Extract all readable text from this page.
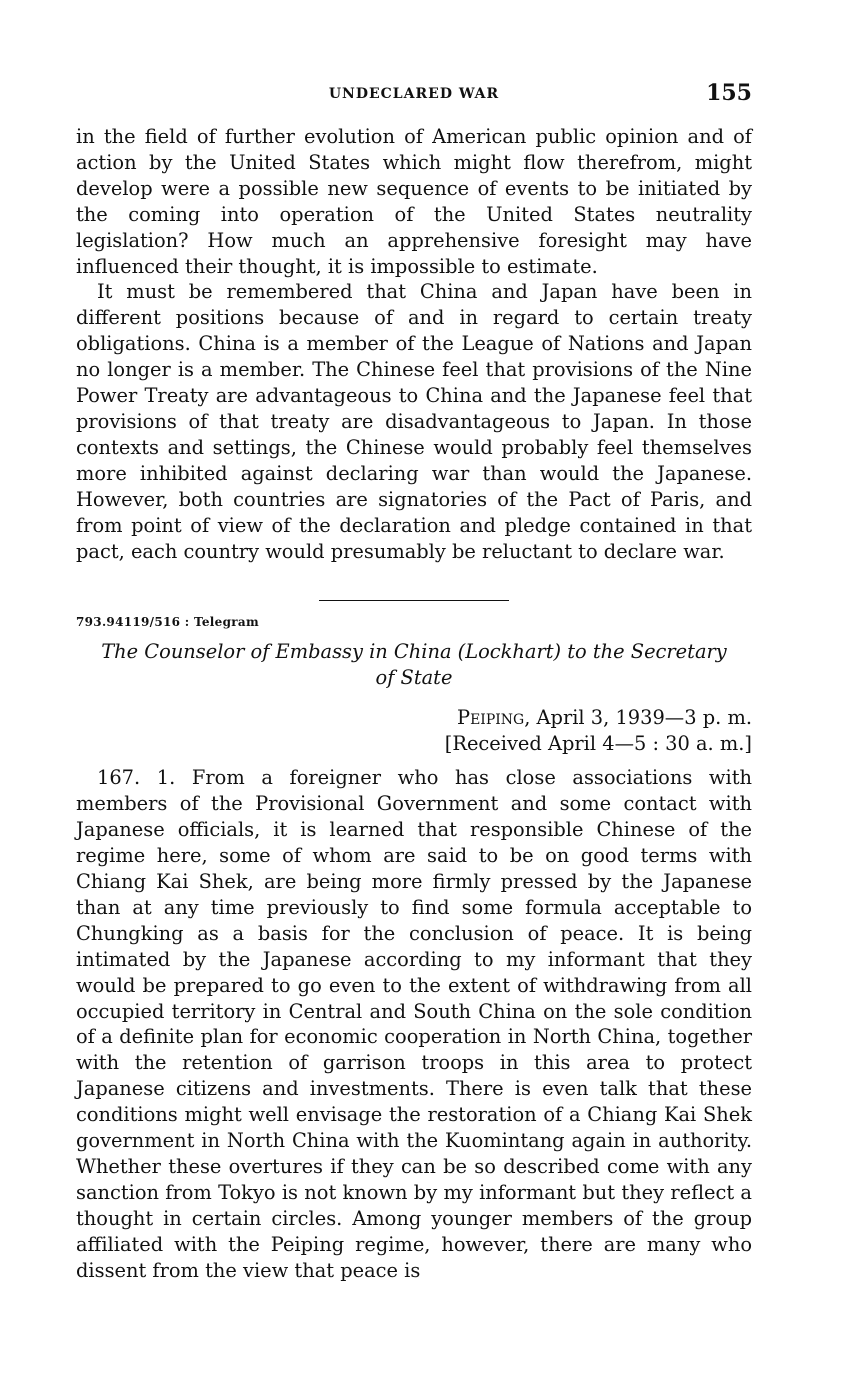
UNDECLARED WAR	155

in the field of further evolution of American public opinion and of action by the United States which might flow therefrom, might develop were a possible new sequence of events to be initiated by the coming into operation of the United States neutrality legislation? How much an apprehensive foresight may have influenced their thought, it is impossible to estimate.

It must be remembered that China and Japan have been in different positions because of and in regard to certain treaty obligations. China is a member of the League of Nations and Japan no longer is a member. The Chinese feel that provisions of the Nine Power Treaty are advantageous to China and the Japanese feel that provisions of that treaty are disadvantageous to Japan. In those contexts and settings, the Chinese would probably feel themselves more inhibited against declaring war than would the Japanese. However, both countries are signatories of the Pact of Paris, and from point of view of the declaration and pledge contained in that pact, each country would presumably be reluctant to declare war.

793.94119/516 : Telegram
The Counselor of Embassy in China (Lockhart) to the Secretary of State
Peiping, April 3, 1939—3 p. m.
[Received April 4—5 : 30 a. m.]

167. 1. From a foreigner who has close associations with members of the Provisional Government and some contact with Japanese officials, it is learned that responsible Chinese of the regime here, some of whom are said to be on good terms with Chiang Kai Shek, are being more firmly pressed by the Japanese than at any time previously to find some formula acceptable to Chungking as a basis for the conclusion of peace. It is being intimated by the Japanese according to my informant that they would be prepared to go even to the extent of withdrawing from all occupied territory in Central and South China on the sole condition of a definite plan for economic cooperation in North China, together with the retention of garrison troops in this area to protect Japanese citizens and investments. There is even talk that these conditions might well envisage the restoration of a Chiang Kai Shek government in North China with the Kuomintang again in authority. Whether these overtures if they can be so described come with any sanction from Tokyo is not known by my informant but they reflect a thought in certain circles. Among younger members of the group affiliated with the Peiping regime, however, there are many who dissent from the view that peace is
